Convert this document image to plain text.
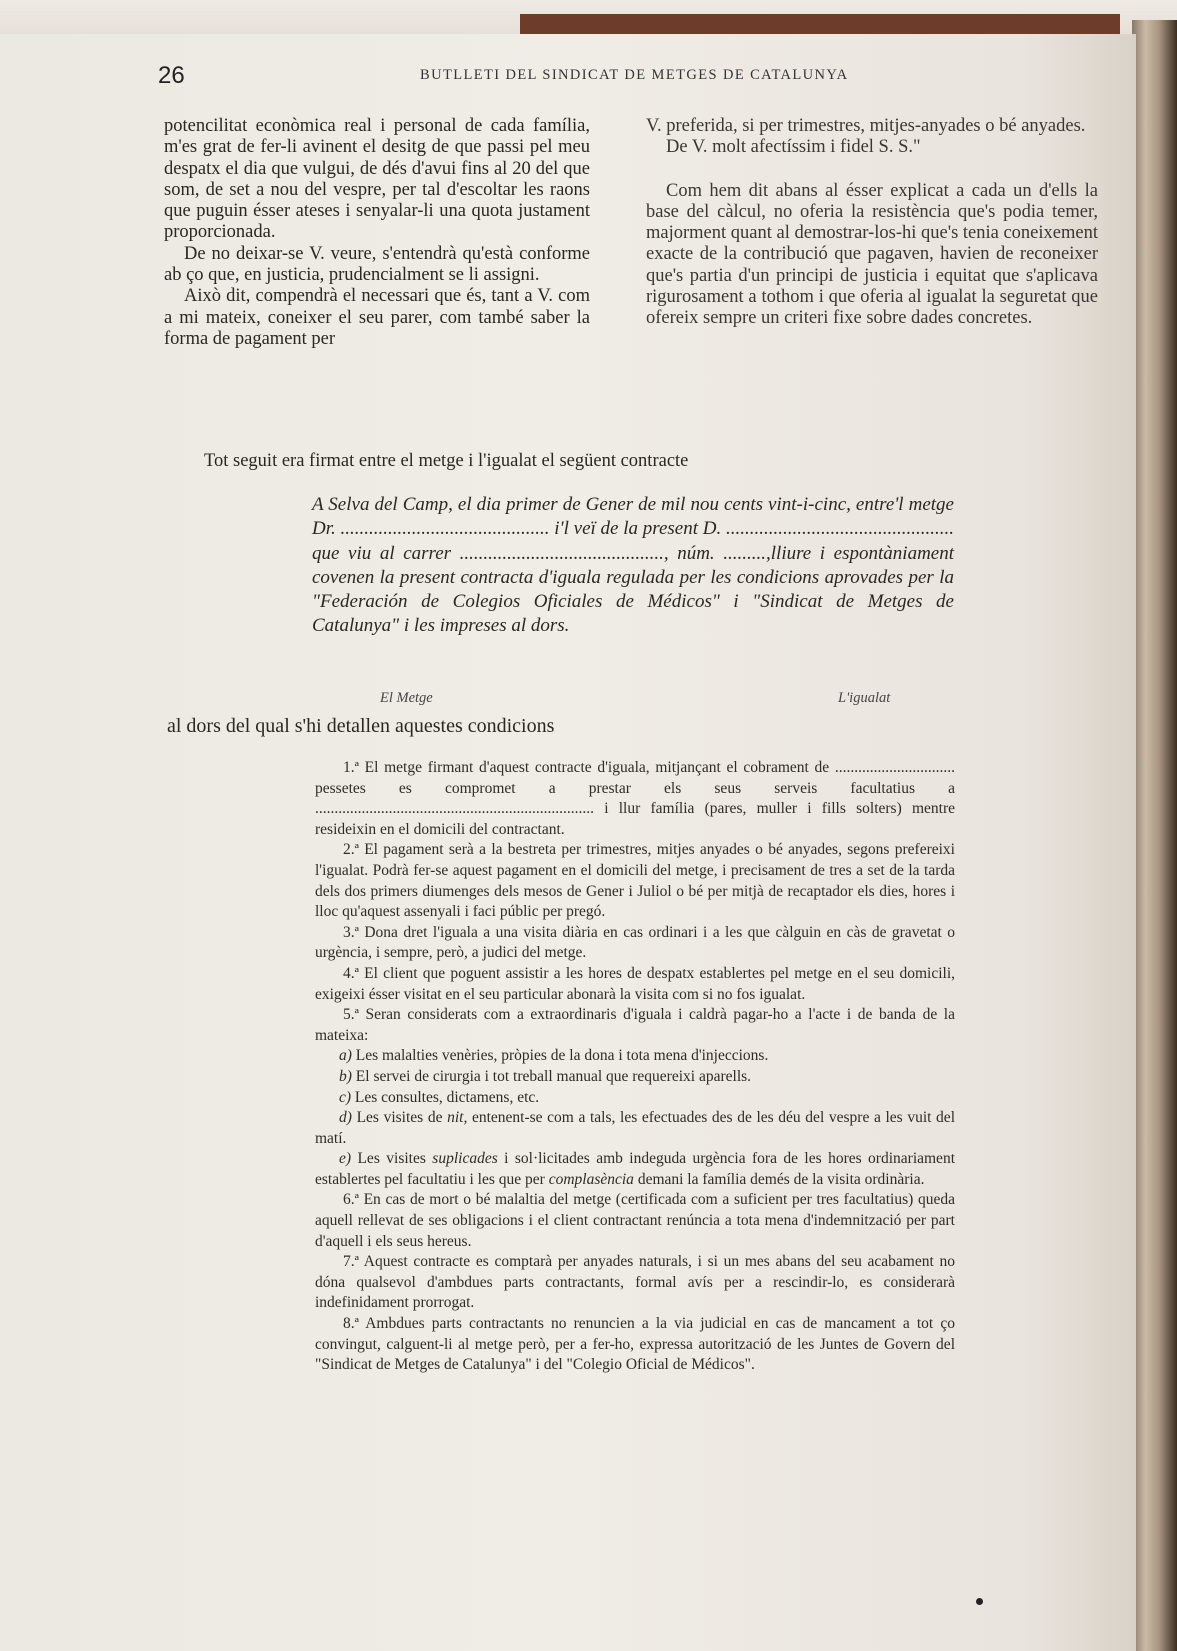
26	BUTLLETI DEL SINDICAT DE METGES DE CATALUNYA

potencilitat econòmica real i personal de cada família, m'es grat de fer-li avinent el desitg de que passi pel meu despatx el dia que vulgui, de dés d'avui fins al 20 del que som, de set a nou del vespre, per tal d'escoltar les raons que puguin ésser ateses i senyalar-li una quota justament proporcionada.

De no deixar-se V. veure, s'entendrà qu'està conforme ab ço que, en justicia, prudencialment se li assigni.

Això dit, compendrà el necessari que és, tant a V. com a mi mateix, coneixer el seu parer, com també saber la forma de pagament per

V. preferida, si per trimestres, mitjes-anyades o bé anyades.

De V. molt afectíssim i fidel S. S."

Com hem dit abans al ésser explicat a cada un d'ells la base del càlcul, no oferia la resistència que's podia temer, majorment quant al demostrar-los-hi que's tenia coneixement exacte de la contribució que pagaven, havien de reconeixer que's partia d'un principi de justicia i equitat que s'aplicava rigurosament a tothom i que oferia al igualat la seguretat que ofereix sempre un criteri fixe sobre dades concretes.

Tot seguit era firmat entre el metge i l'igualat el següent contracte

A Selva del Camp, el dia primer de Gener de mil nou cents vint-i-cinc, entre'l metge Dr. ............................................ i'l veï de la present D. ................................................ que viu al carrer ..........................................., núm. .........,lliure i espontàniament covenen la present contracta d'iguala regulada per les condicions aprovades per la "Federación de Colegios Oficiales de Médicos" i "Sindicat de Metges de Catalunya" i les impreses al dors.

El Metge	L'igualat
al dors del qual s'hi detallen aquestes condicions

1.ª El metge firmant d'aquest contracte d'iguala, mitjançant el cobrament de ............................... pessetes es compromet a prestar els seus serveis facultatius a ........................................................................ i llur família (pares, muller i fills solters) mentre resideixin en el domicili del contractant.

2.ª El pagament serà a la bestreta per trimestres, mitjes anyades o bé anyades, segons prefereixi l'igualat. Podrà fer-se aquest pagament en el domicili del metge, i precisament de tres a set de la tarda dels dos primers diumenges dels mesos de Gener i Juliol o bé per mitjà de recaptador els dies, hores i lloc qu'aquest assenyali i faci públic per pregó.

3.ª Dona dret l'iguala a una visita diària en cas ordinari i a les que càlguin en càs de gravetat o urgència, i sempre, però, a judici del metge.

4.ª El client que poguent assistir a les hores de despatx establertes pel metge en el seu domicili, exigeixi ésser visitat en el seu particular abonarà la visita com si no fos igualat.

5.ª Seran considerats com a extraordinaris d'iguala i caldrà pagar-ho a l'acte i de banda de la mateixa:

a) Les malalties venèries, pròpies de la dona i tota mena d'injeccions.

b) El servei de cirurgia i tot treball manual que requereixi aparells.

c) Les consultes, dictamens, etc.

d) Les visites de nit, entenent-se com a tals, les efectuades des de les déu del vespre a les vuit del matí.

e) Les visites suplicades i sol·licitades amb indeguda urgència fora de les hores ordinariament establertes pel facultatiu i les que per complasència demani la família demés de la visita ordinària.

6.ª En cas de mort o bé malaltia del metge (certificada com a suficient per tres facultatius) queda aquell rellevat de ses obligacions i el client contractant renúncia a tota mena d'indemnització per part d'aquell i els seus hereus.

7.ª Aquest contracte es comptarà per anyades naturals, i si un mes abans del seu acabament no dóna qualsevol d'ambdues parts contractants, formal avís per a rescindir-lo, es considerarà indefinidament prorrogat.

8.ª Ambdues parts contractants no renuncien a la via judicial en cas de mancament a tot ço convingut, calguent-li al metge però, per a fer-ho, expressa autorització de les Juntes de Govern del "Sindicat de Metges de Catalunya" i del "Colegio Oficial de Médicos".
